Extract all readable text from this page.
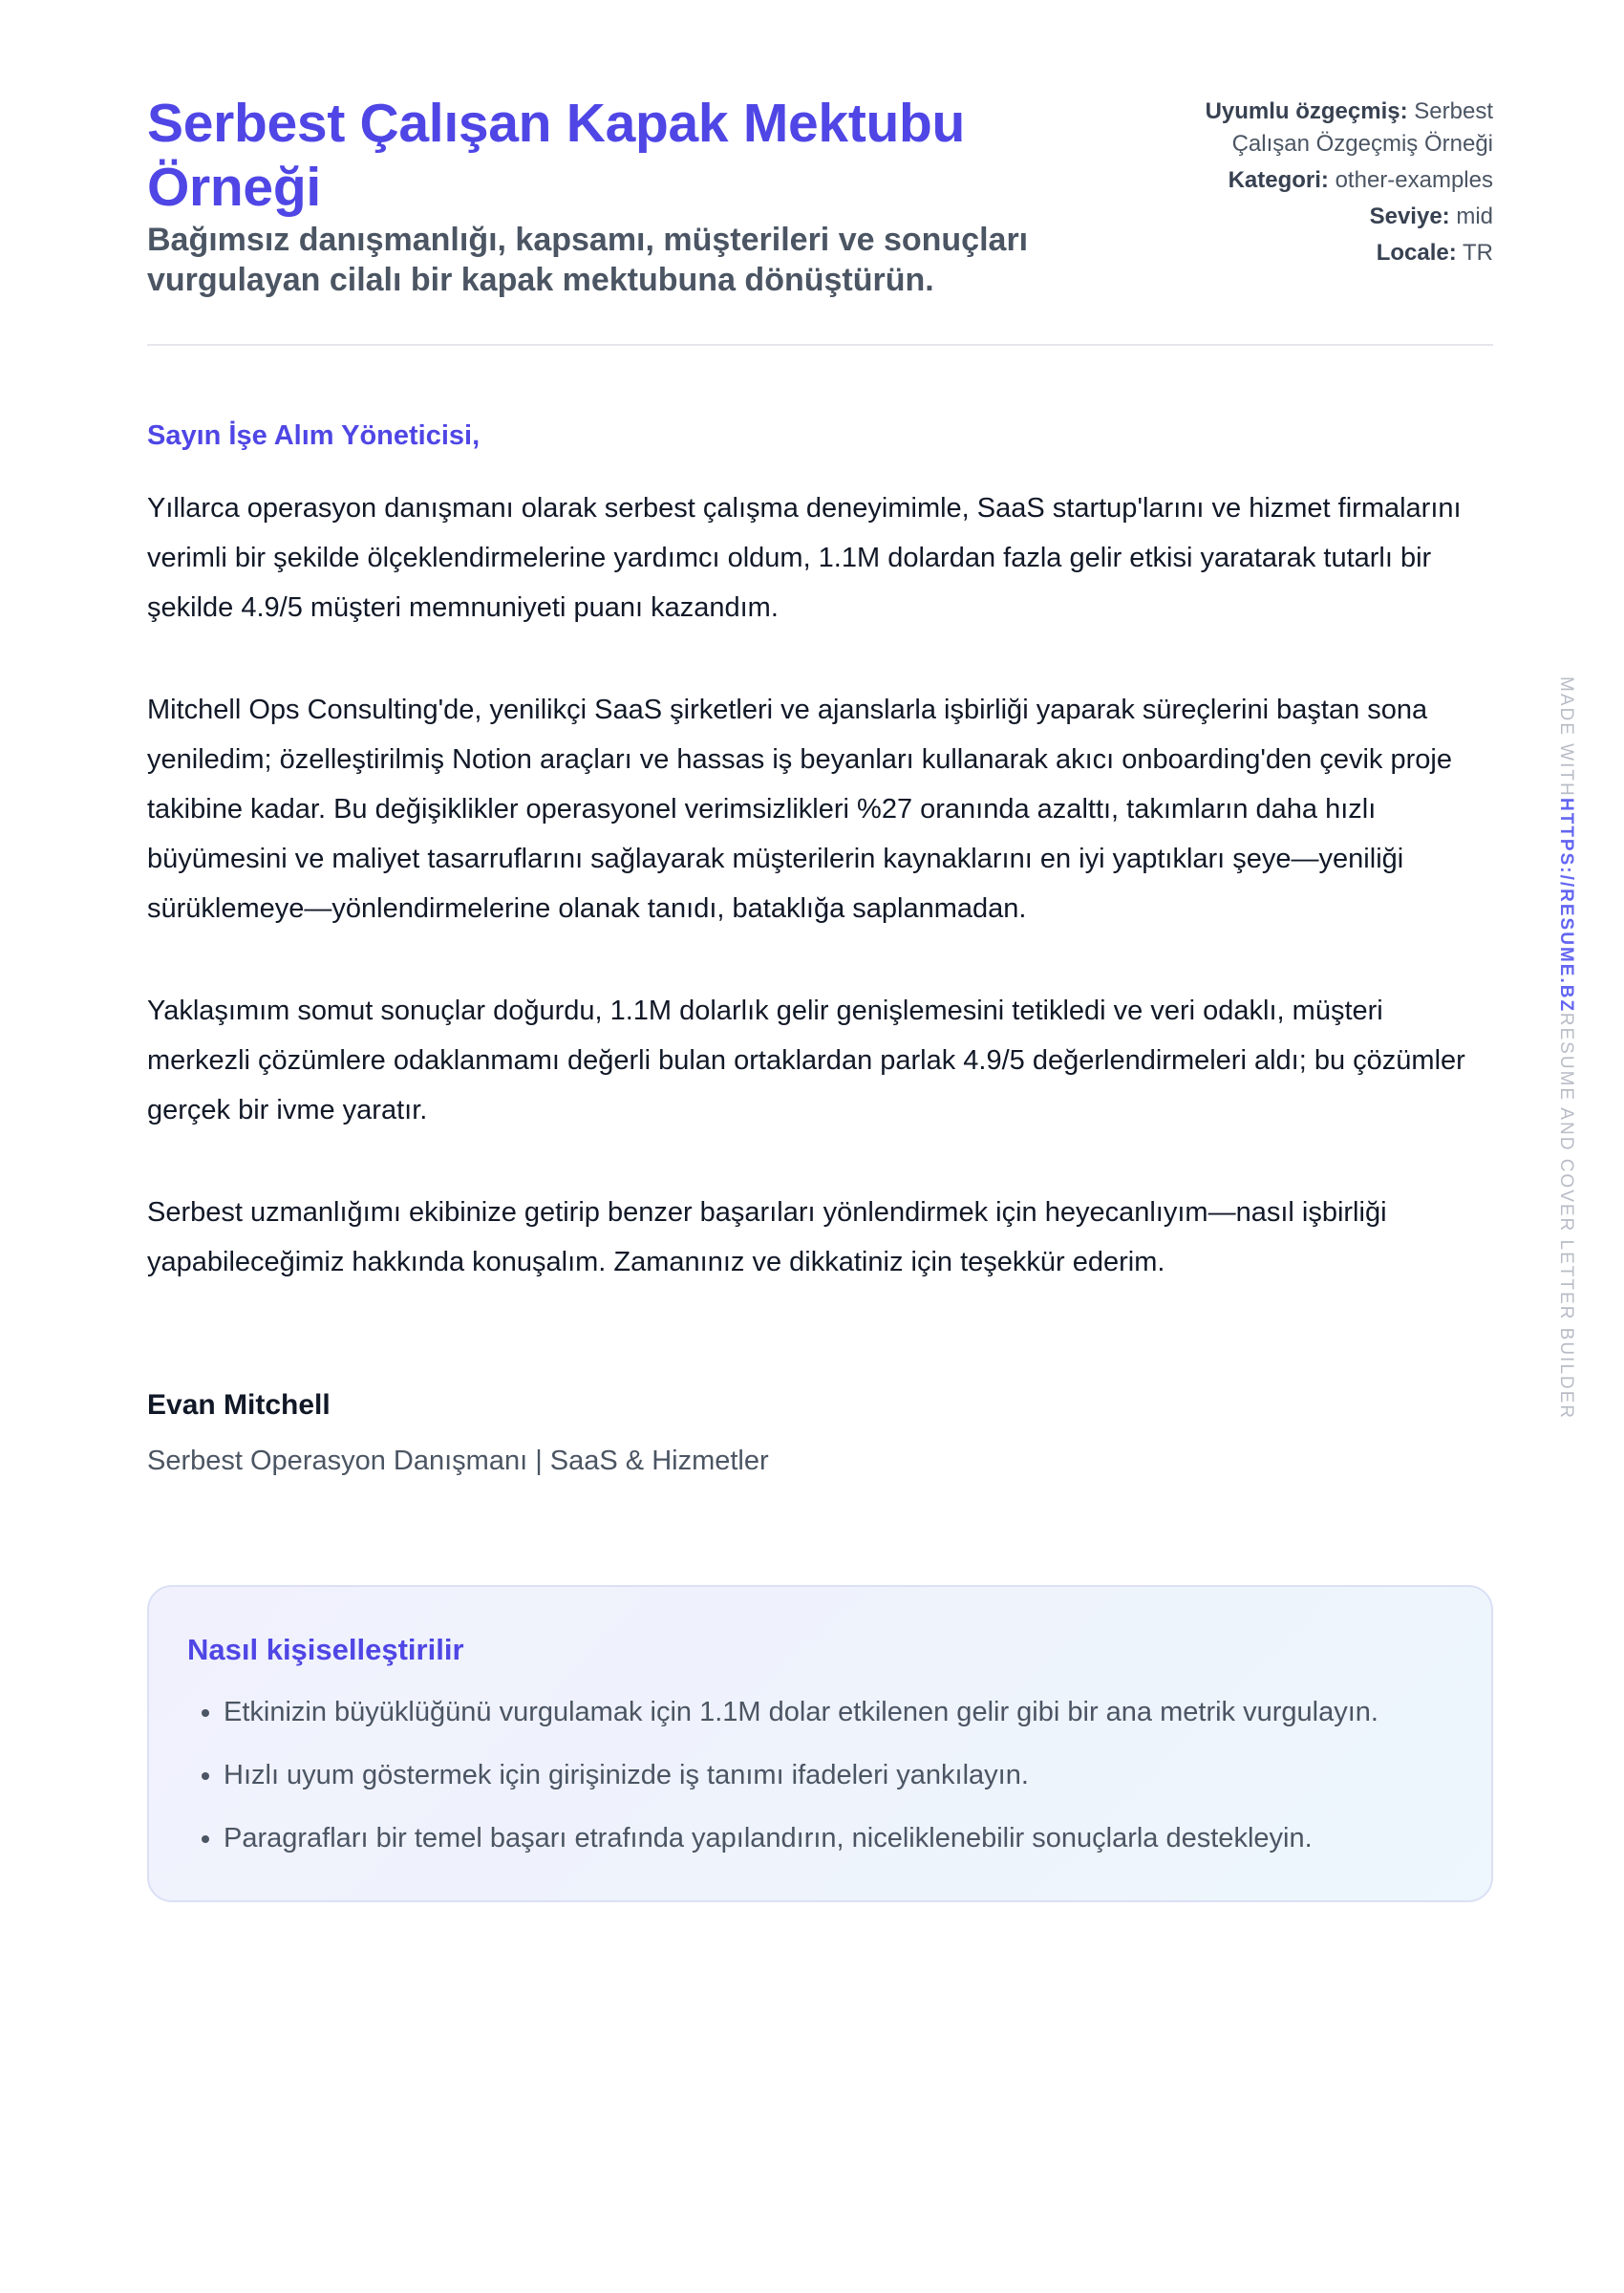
Serbest Çalışan Kapak Mektubu Örneği

Bağımsız danışmanlığı, kapsamı, müşterileri ve sonuçları vurgulayan cilalı bir kapak mektubuna dönüştürün.

Uyumlu özgeçmiş: Serbest Çalışan Özgeçmiş Örneği
Kategori: other-examples
Seviye: mid
Locale: TR
Sayın İşe Alım Yöneticisi,

Yıllarca operasyon danışmanı olarak serbest çalışma deneyimimle, SaaS startup'larını ve hizmet firmalarını verimli bir şekilde ölçeklendirmelerine yardımcı oldum, 1.1M dolardan fazla gelir etkisi yaratarak tutarlı bir şekilde 4.9/5 müşteri memnuniyeti puanı kazandım.

Mitchell Ops Consulting'de, yenilikçi SaaS şirketleri ve ajanslarla işbirliği yaparak süreçlerini baştan sona yeniledim; özelleştirilmiş Notion araçları ve hassas iş beyanları kullanarak akıcı onboarding'den çevik proje takibine kadar. Bu değişiklikler operasyonel verimsizlikleri %27 oranında azalttı, takımların daha hızlı büyümesini ve maliyet tasarruflarını sağlayarak müşterilerin kaynaklarını en iyi yaptıkları şeye—yeniliği sürüklemeye—yönlendirmelerine olanak tanıdı, bataklığa saplanmadan.

Yaklaşımım somut sonuçlar doğurdu, 1.1M dolarlık gelir genişlemesini tetikledi ve veri odaklı, müşteri merkezli çözümlere odaklanmamı değerli bulan ortaklardan parlak 4.9/5 değerlendirmeleri aldı; bu çözümler gerçek bir ivme yaratır.

Serbest uzmanlığımı ekibinize getirip benzer başarıları yönlendirmek için heyecanlıyım—nasıl işbirliği yapabileceğimiz hakkında konuşalım. Zamanınız ve dikkatiniz için teşekkür ederim.

Evan Mitchell
Serbest Operasyon Danışmanı | SaaS & Hizmetler
Nasıl kişiselleştirilir
• Etkinizin büyüklüğünü vurgulamak için 1.1M dolar etkilenen gelir gibi bir ana metrik vurgulayın.
• Hızlı uyum göstermek için girişinizde iş tanımı ifadeleri yankılayın.
• Paragrafları bir temel başarı etrafında yapılandırın, niceliklenebilir sonuçlarla destekleyin.
MADE WITHHTTPS://RESUME.BZRESUME AND COVER LETTER BUILDER
